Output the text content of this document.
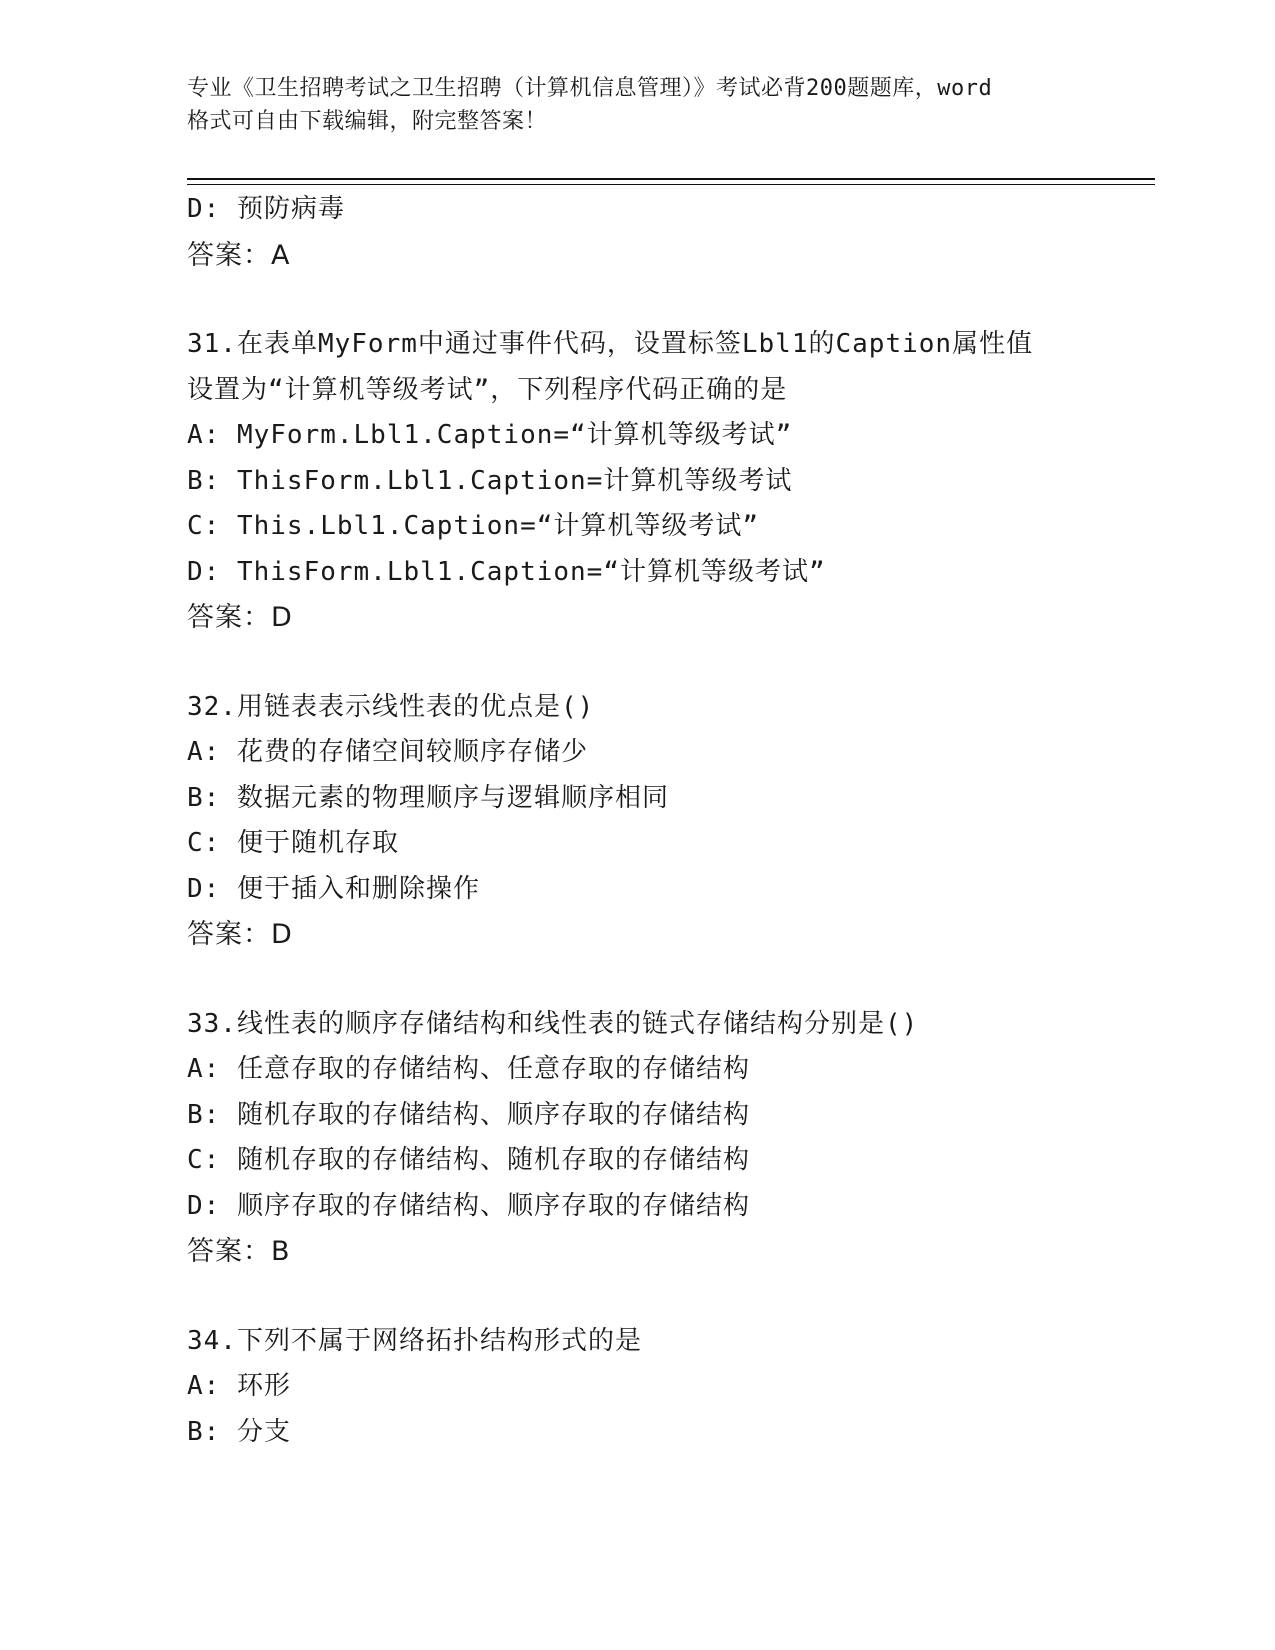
专业《卫生招聘考试之卫生招聘（计算机信息管理）》考试必背200题题库，word
格式可自由下载编辑，附完整答案！
D: 预防病毒
答案：A
31.在表单MyForm中通过事件代码，设置标签Lbl1的Caption属性值
设置为“计算机等级考试”，下列程序代码正确的是
A: MyForm.Lbl1.Caption=“计算机等级考试”
B: ThisForm.Lbl1.Caption=计算机等级考试
C: This.Lbl1.Caption=“计算机等级考试”
D: ThisForm.Lbl1.Caption=“计算机等级考试”
答案：D
32.用链表表示线性表的优点是()
A: 花费的存储空间较顺序存储少
B: 数据元素的物理顺序与逻辑顺序相同
C: 便于随机存取
D: 便于插入和删除操作
答案：D
33.线性表的顺序存储结构和线性表的链式存储结构分别是()
A: 任意存取的存储结构、任意存取的存储结构
B: 随机存取的存储结构、顺序存取的存储结构
C: 随机存取的存储结构、随机存取的存储结构
D: 顺序存取的存储结构、顺序存取的存储结构
答案：B
34.下列不属于网络拓扑结构形式的是
A: 环形
B: 分支
